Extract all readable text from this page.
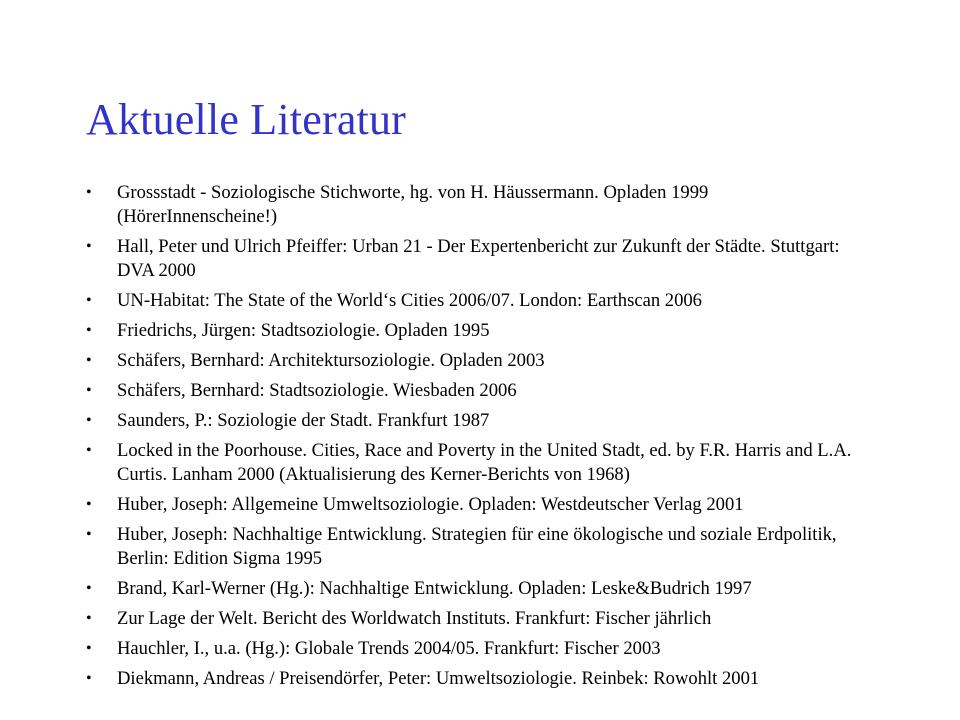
Aktuelle Literatur
•	Grossstadt - Soziologische Stichworte, hg. von H. Häussermann. Opladen 1999 (HörerInnenscheine!)
•	Hall, Peter und Ulrich Pfeiffer: Urban 21 - Der Expertenbericht zur Zukunft der Städte. Stuttgart: DVA 2000
•	UN-Habitat: The State of the World‘s Cities 2006/07. London: Earthscan 2006
•	Friedrichs, Jürgen: Stadtsoziologie. Opladen 1995
•	Schäfers, Bernhard: Architektursoziologie. Opladen 2003
•	Schäfers, Bernhard: Stadtsoziologie. Wiesbaden 2006
•	Saunders, P.: Soziologie der Stadt. Frankfurt 1987
•	Locked in the Poorhouse. Cities, Race and Poverty in the United Stadt, ed. by F.R. Harris and L.A. Curtis. Lanham 2000 (Aktualisierung des Kerner-Berichts von 1968)
•	Huber, Joseph: Allgemeine Umweltsoziologie. Opladen: Westdeutscher Verlag 2001
•	Huber, Joseph: Nachhaltige Entwicklung. Strategien für eine ökologische und soziale Erdpolitik, Berlin: Edition Sigma 1995
•	Brand, Karl-Werner (Hg.): Nachhaltige Entwicklung. Opladen: Leske&Budrich 1997
•	Zur Lage der Welt. Bericht des Worldwatch Instituts. Frankfurt: Fischer jährlich
•	Hauchler, I., u.a. (Hg.): Globale Trends 2004/05. Frankfurt: Fischer 2003
•	Diekmann, Andreas / Preisendörfer, Peter: Umweltsoziologie. Reinbek: Rowohlt 2001
